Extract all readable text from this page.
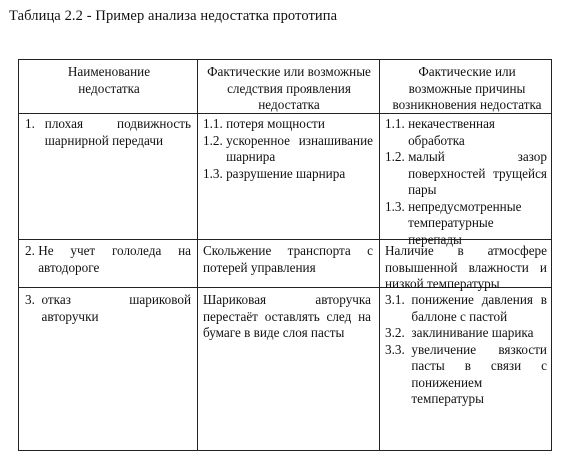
Таблица 2.2 - Пример анализа недостатка прототипа
Наименование недостатка
Фактические или возможные следствия проявления недостатка
Фактические или возможные причины возникновения недостатка
1.
плохая подвижность шарнирной передачи
1.1.
потеря мощности
1.2.
ускоренное изнашивание шарнира
1.3.
разрушение шарнира
1.1.
некачественная обработка
1.2.
малый зазор поверхностей трущейся пары
1.3.
непредусмотренные температурные перепады
2.
Не учет гололеда на автодороге
Скольжение транспорта с потерей управления
Наличие в атмосфере повышенной влажности и низкой температуры
3.
отказ шариковой авторучки
Шариковая авторучка перестаёт оставлять след на бумаге в виде слоя пасты
3.1.
понижение давления в баллоне с пастой
3.2.
заклинивание шарика
3.3.
увеличение вязкости пасты в связи с понижением температуры
